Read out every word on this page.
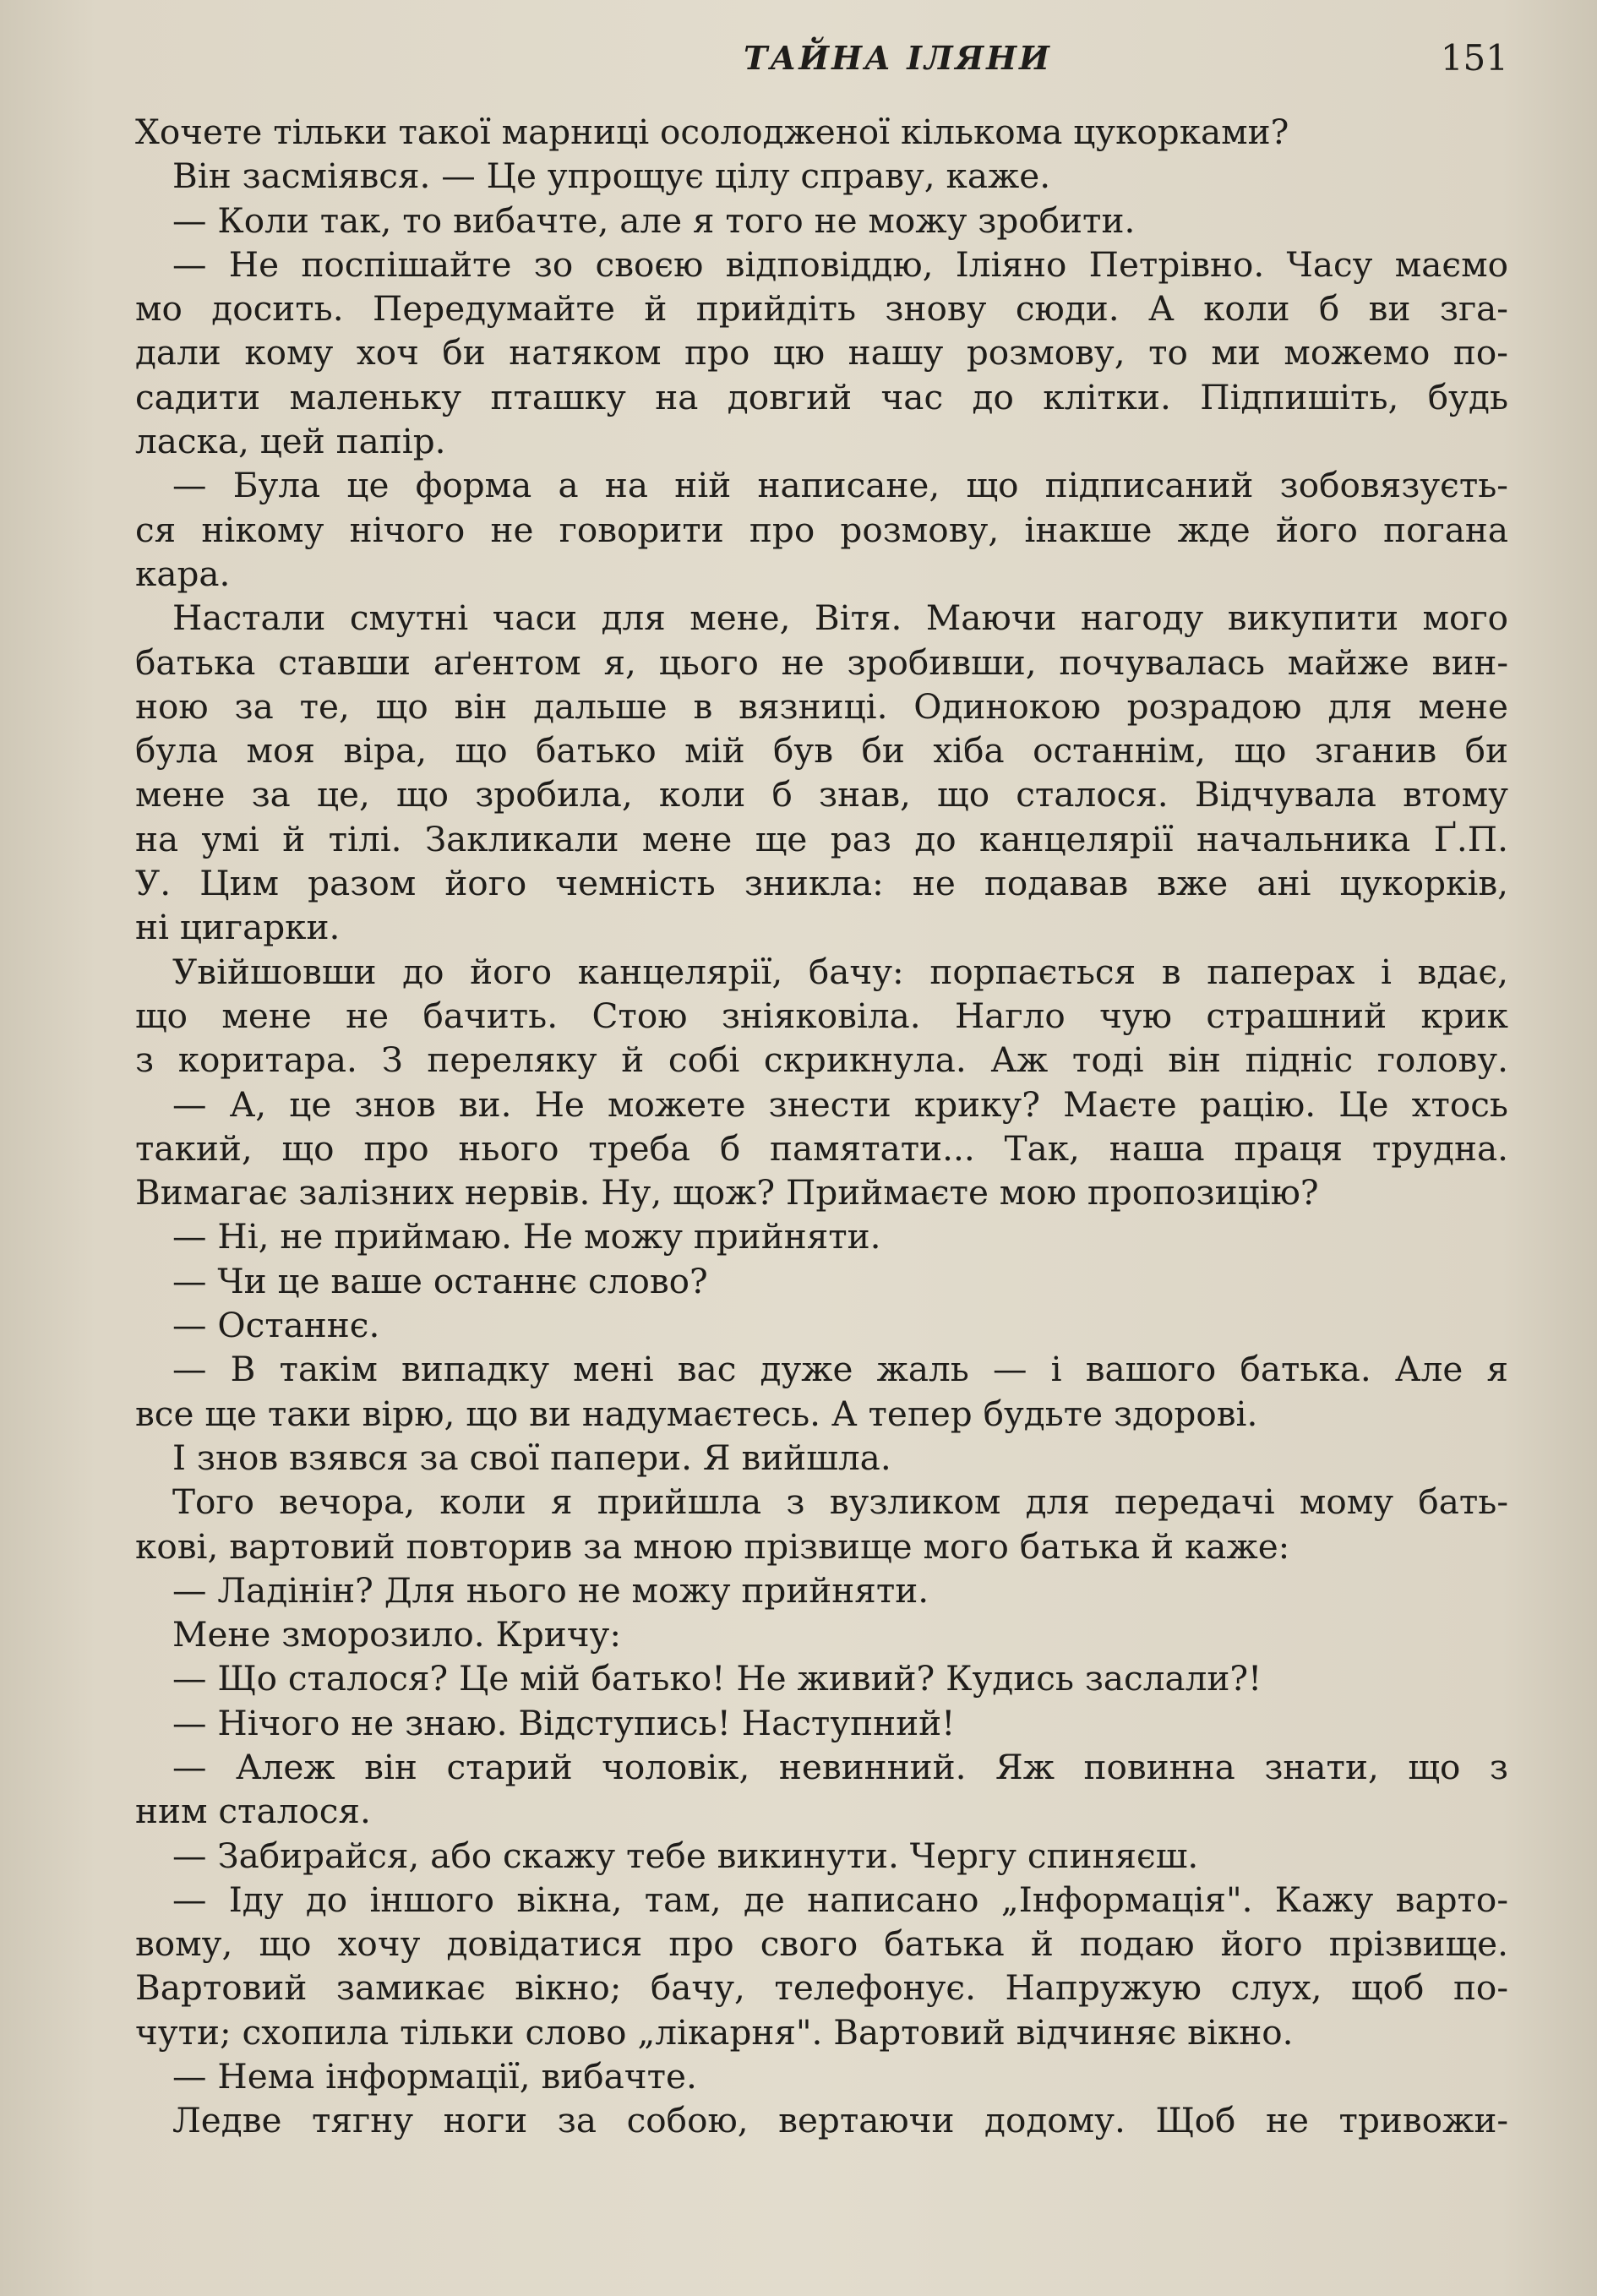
ТАЙНА ІЛЯНИ	151
Хочете тільки такої марниці осолодженої кількома цукорками?
Він засміявся. — Це упрощує цілу справу, каже.
— Коли так, то вибачте, але я того не можу зробити.
— Не поспішайте зо своєю відповіддю, Іліяно Петрівно. Часу маємо
мо досить. Передумайте й прийдіть знову сюди. А коли б ви зга-
дали кому хоч би натяком про цю нашу розмову, то ми можемо по-
садити маленьку пташку на довгий час до клітки. Підпишіть, будь
ласка, цей папір.
— Була це форма а на ній написане, що підписаний зобовязуєть-
ся нікому нічого не говорити про розмову, інакше жде його погана
кара.
Настали смутні часи для мене, Вітя. Маючи нагоду викупити мого
батька ставши аґентом я, цього не зробивши, почувалась майже вин-
ною за те, що він дальше в вязниці. Одинокою розрадою для мене
була моя віра, що батько мій був би хіба останнім, що зганив би
мене за це, що зробила, коли б знав, що сталося. Відчувала втому
на умі й тілі. Закликали мене ще раз до канцелярії начальника Ґ.П.
У. Цим разом його чемність зникла: не подавав вже ані цукорків,
ні цигарки.
Увійшовши до його канцелярії, бачу: порпається в паперах і вдає,
що мене не бачить. Стою зніяковіла. Нагло чую страшний крик
з коритара. З переляку й собі скрикнула. Аж тоді він підніс голову.
— А, це знов ви. Не можете знести крику? Маєте рацію. Це хтось
такий, що про нього треба б памятати... Так, наша праця трудна.
Вимагає залізних нервів. Ну, щож? Приймаєте мою пропозицію?
— Ні, не приймаю. Не можу прийняти.
— Чи це ваше останнє слово?
— Останнє.
— В такім випадку мені вас дуже жаль — і вашого батька. Але я
все ще таки вірю, що ви надумаєтесь. А тепер будьте здорові.
І знов взявся за свої папери. Я вийшла.
Того вечора, коли я прийшла з вузликом для передачі мому бать-
кові, вартовий повторив за мною прізвище мого батька й каже:
— Ладінін? Для нього не можу прийняти.
Мене зморозило. Кричу:
— Що сталося? Це мій батько! Не живий? Кудись заслали?!
— Нічого не знаю. Відступись! Наступний!
— Алеж він старий чоловік, невинний. Яж повинна знати, що з
ним сталося.
— Забирайся, або скажу тебе викинути. Чергу спиняєш.
— Іду до іншого вікна, там, де написано „Інформація". Кажу варто-
вому, що хочу довідатися про свого батька й подаю його прізвище.
Вартовий замикає вікно; бачу, телефонує. Напружую слух, щоб по-
чути; схопила тільки слово „лікарня". Вартовий відчиняє вікно.
— Нема інформації, вибачте.
Ледве тягну ноги за собою, вертаючи додому. Щоб не тривожи-
